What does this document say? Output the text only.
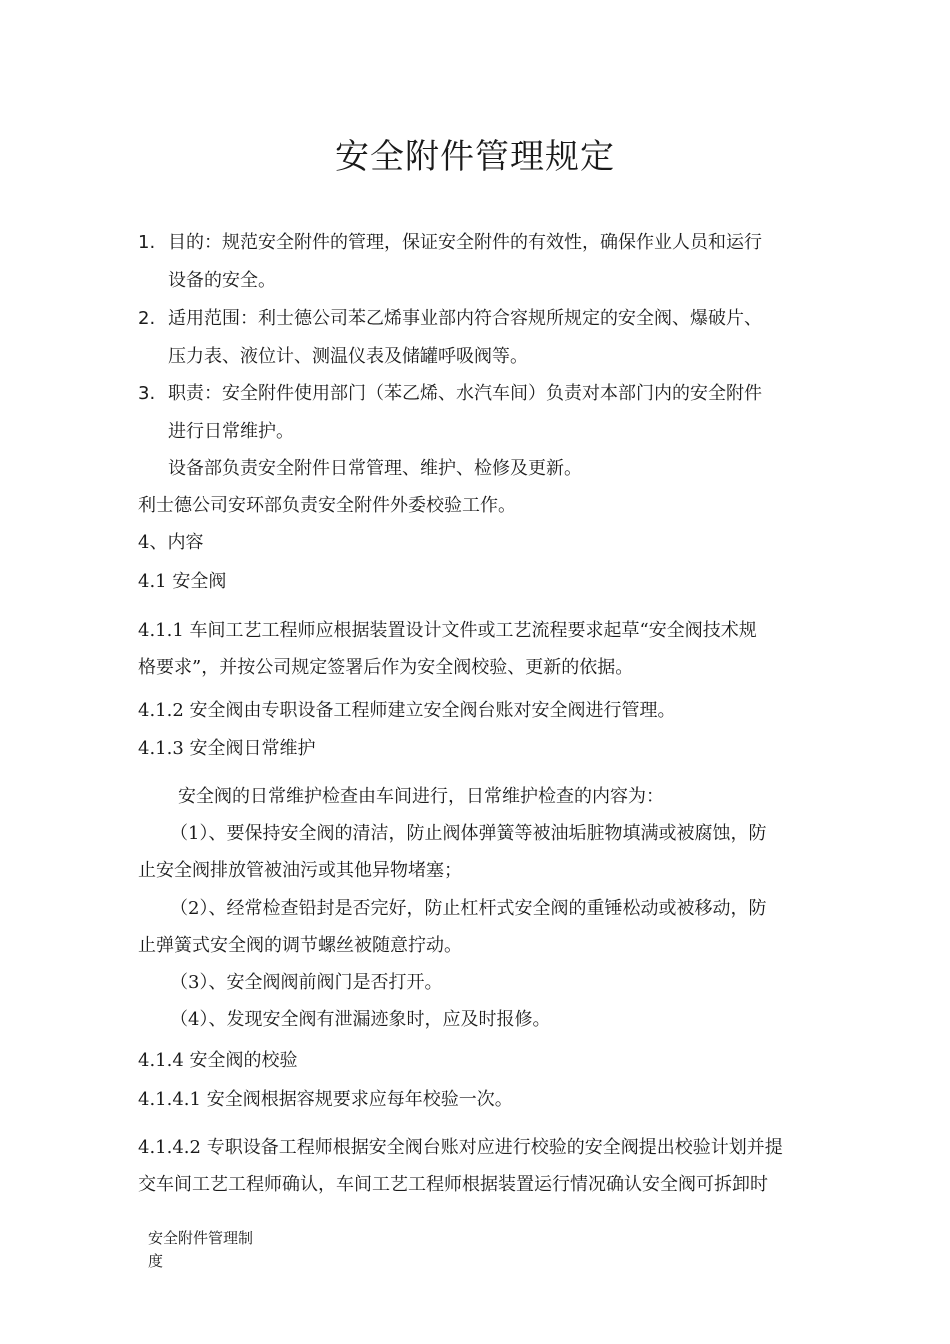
安全附件管理规定
1. 目的：规范安全附件的管理，保证安全附件的有效性，确保作业人员和运行
设备的安全。
2. 适用范围：利士德公司苯乙烯事业部内符合容规所规定的安全阀、爆破片、
压力表、液位计、测温仪表及储罐呼吸阀等。
3. 职责：安全附件使用部门（苯乙烯、水汽车间）负责对本部门内的安全附件
进行日常维护。
设备部负责安全附件日常管理、维护、检修及更新。
利士德公司安环部负责安全附件外委校验工作。
4、内容
4.1 安全阀
4.1.1 车间工艺工程师应根据装置设计文件或工艺流程要求起草“安全阀技术规
格要求”，并按公司规定签署后作为安全阀校验、更新的依据。
4.1.2 安全阀由专职设备工程师建立安全阀台账对安全阀进行管理。
4.1.3 安全阀日常维护
安全阀的日常维护检查由车间进行，日常维护检查的内容为：
（1）、要保持安全阀的清洁，防止阀体弹簧等被油垢脏物填满或被腐蚀，防
止安全阀排放管被油污或其他异物堵塞；
（2）、经常检查铅封是否完好，防止杠杆式安全阀的重锤松动或被移动，防
止弹簧式安全阀的调节螺丝被随意拧动。
（3）、安全阀阀前阀门是否打开。
（4）、发现安全阀有泄漏迹象时，应及时报修。
4.1.4 安全阀的校验
4.1.4.1 安全阀根据容规要求应每年校验一次。
4.1.4.2 专职设备工程师根据安全阀台账对应进行校验的安全阀提出校验计划并提
交车间工艺工程师确认，车间工艺工程师根据装置运行情况确认安全阀可拆卸时
安全附件管理制
度
